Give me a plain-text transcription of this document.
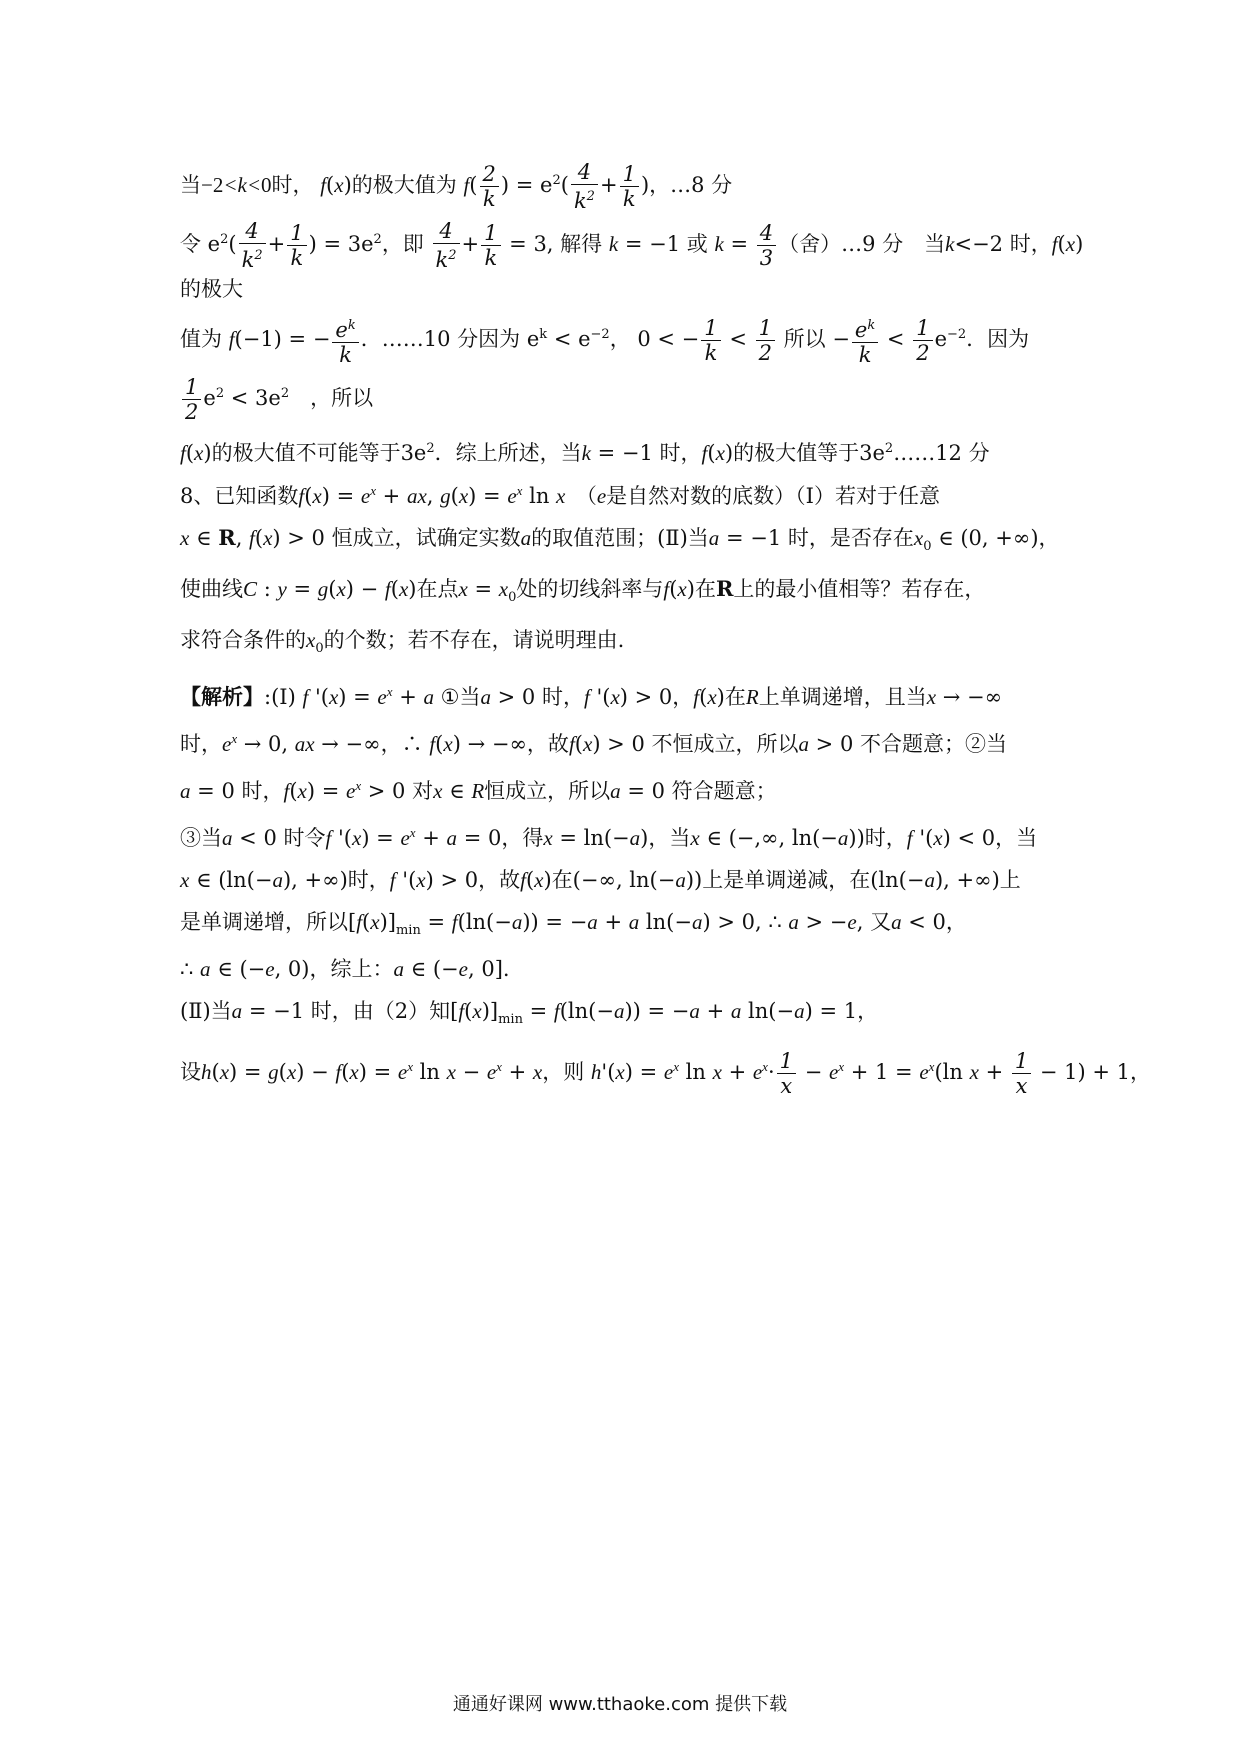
当−2<k<0时， f(x)的极大值为 $f( \frac{2}{k}$ ) = $e^2( \frac{4}{k^2} + \frac{1}{k}$ )，…8 分
令 $e^2( \frac{4}{k^2} + \frac{1}{k}$ ) = $3e^2$，即 $\frac{4}{k^2} + \frac{1}{k} = 3$, 解得 k = −1 或 $k = \frac{4}{3}$ （舍）…9 分　当k<−2 时，f(x)
的极大
值为 f(−1) = − $\frac{e^k}{k}$ ．……10 分因为 $e^k < e^{-2}$， 0 < − $\frac{1}{k} < \frac{1}{2}$ 所以 − $\frac{e^k}{k} < \frac{1}{2} e^{-2}$．因为
$\frac{1}{2} e^2 < 3e^2$　，所以
f(x)的极大值不可能等于$3e^2$．综上所述，当k = −1 时，f(x)的极大值等于$3e^2\dots\dots 12$ 分
8、已知函数$f(x) = e^x$ + ax, $g(x) = e^x$ ln x　（e是自然对数的底数）（Ⅰ）若对于任意
x ∈ R, f(x) > 0 恒成立，试确定实数a的取值范围；(Ⅱ)当a = −1 时，是否存在$x_0$ ∈ (0, +∞)，
使曲线C : y = g(x) − f(x)在点$x = x_0$处的切线斜率与f(x)在R上的最小值相等？若存在，
求符合条件的$x_0$的个数；若不存在，请说明理由.
【解析】:(Ⅰ) f '$(x) = e^x + a$ ①当a > 0 时，f '(x) > 0，f(x)在R上单调递增，且当x → −∞
时，$e^x \to 0$, ax → −∞，∴ f(x) → −∞，故f(x) > 0 不恒成立，所以a > 0 不合题意；②当
a = 0 时，$f(x) = e^x > 0$ 对x ∈ R恒成立，所以a = 0 符合题意；
③当a < 0 时令f '$(x) = e^x + a = 0$，得x = ln(−a)，当x ∈ (−,∞, ln(−a))时，f '(x) < 0，当
x ∈ (ln(−a), +∞)时，f '(x) > 0，故f(x)在(−∞, ln(−a))上是单调递减，在(ln(−a), +∞)上
是单调递增，所以$[f(x)]_{min} = f(\ln(-a)) = -a + a$ ln(−a) > 0, ∴ a > −e, 又a < 0，
∴ a ∈ (−e, 0)，综上：a ∈ (−e, 0].
(Ⅱ)当a = −1 时，由（2）知$[f(x)]_{min} = f(\ln(-a)) = -a + a$ ln(−a) = 1，
设$h(x) = g(x) - f(x) = e^x$ $\ln x - e^x + x$，则 $h'(x) = e^x$ $\ln x + e^x\cdot \frac{1}{x} - e^x + 1 = e^x(\ln$ $x + \frac{1}{x} - 1) + 1$，
通通好课网 www.tthaoke.com 提供下载
